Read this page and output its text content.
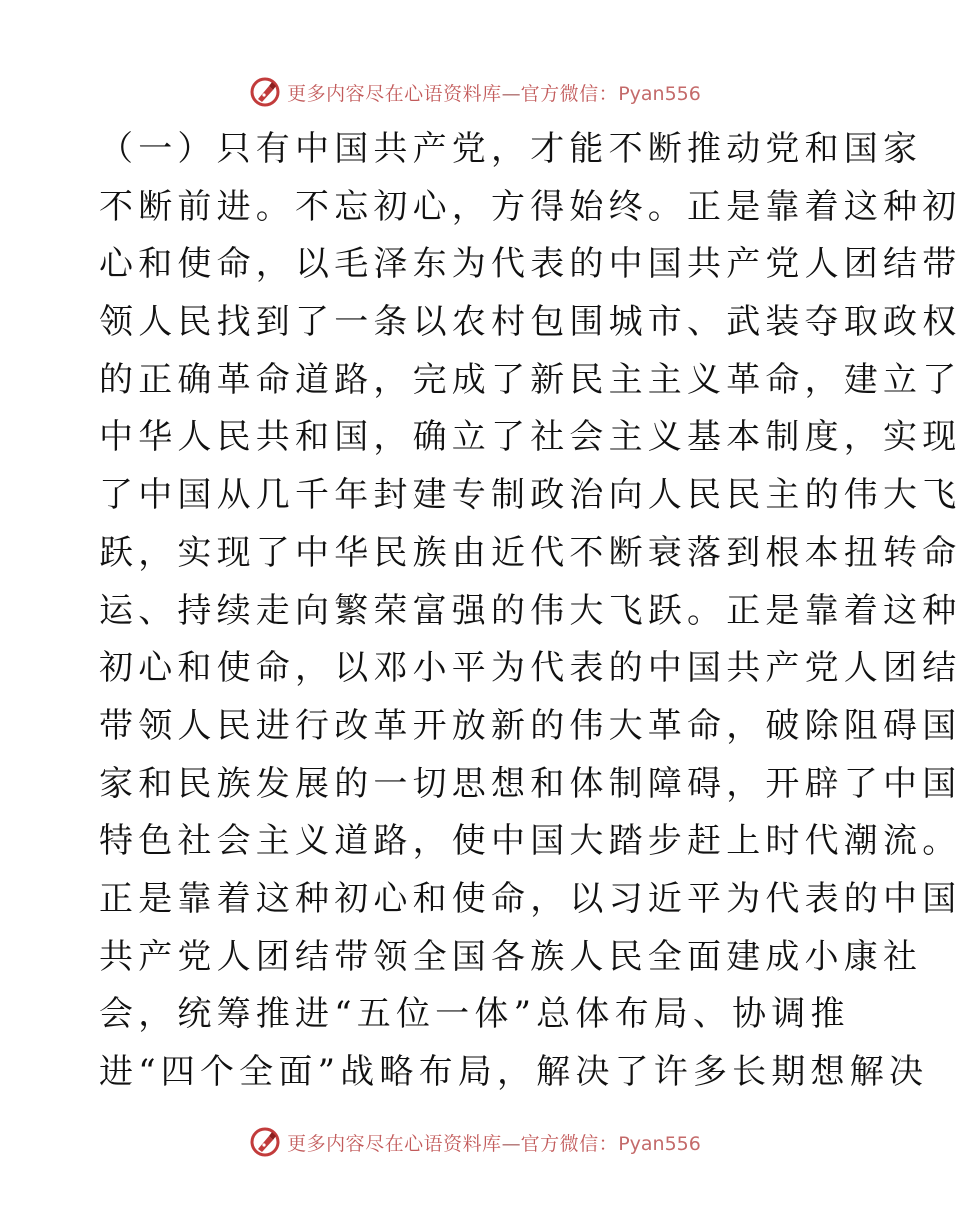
更多内容尽在心语资料库—官方微信：Pyan556
（一）只有中国共产党，才能不断推动党和国家
不断前进。不忘初心，方得始终。正是靠着这种初
心和使命，以毛泽东为代表的中国共产党人团结带
领人民找到了一条以农村包围城市、武装夺取政权
的正确革命道路，完成了新民主主义革命，建立了
中华人民共和国，确立了社会主义基本制度，实现
了中国从几千年封建专制政治向人民民主的伟大飞
跃，实现了中华民族由近代不断衰落到根本扭转命
运、持续走向繁荣富强的伟大飞跃。正是靠着这种
初心和使命，以邓小平为代表的中国共产党人团结
带领人民进行改革开放新的伟大革命，破除阻碍国
家和民族发展的一切思想和体制障碍，开辟了中国
特色社会主义道路，使中国大踏步赶上时代潮流。
正是靠着这种初心和使命，以习近平为代表的中国
共产党人团结带领全国各族人民全面建成小康社
会，统筹推进“五位一体”总体布局、协调推
进“四个全面”战略布局，解决了许多长期想解决
更多内容尽在心语资料库—官方微信：Pyan556
